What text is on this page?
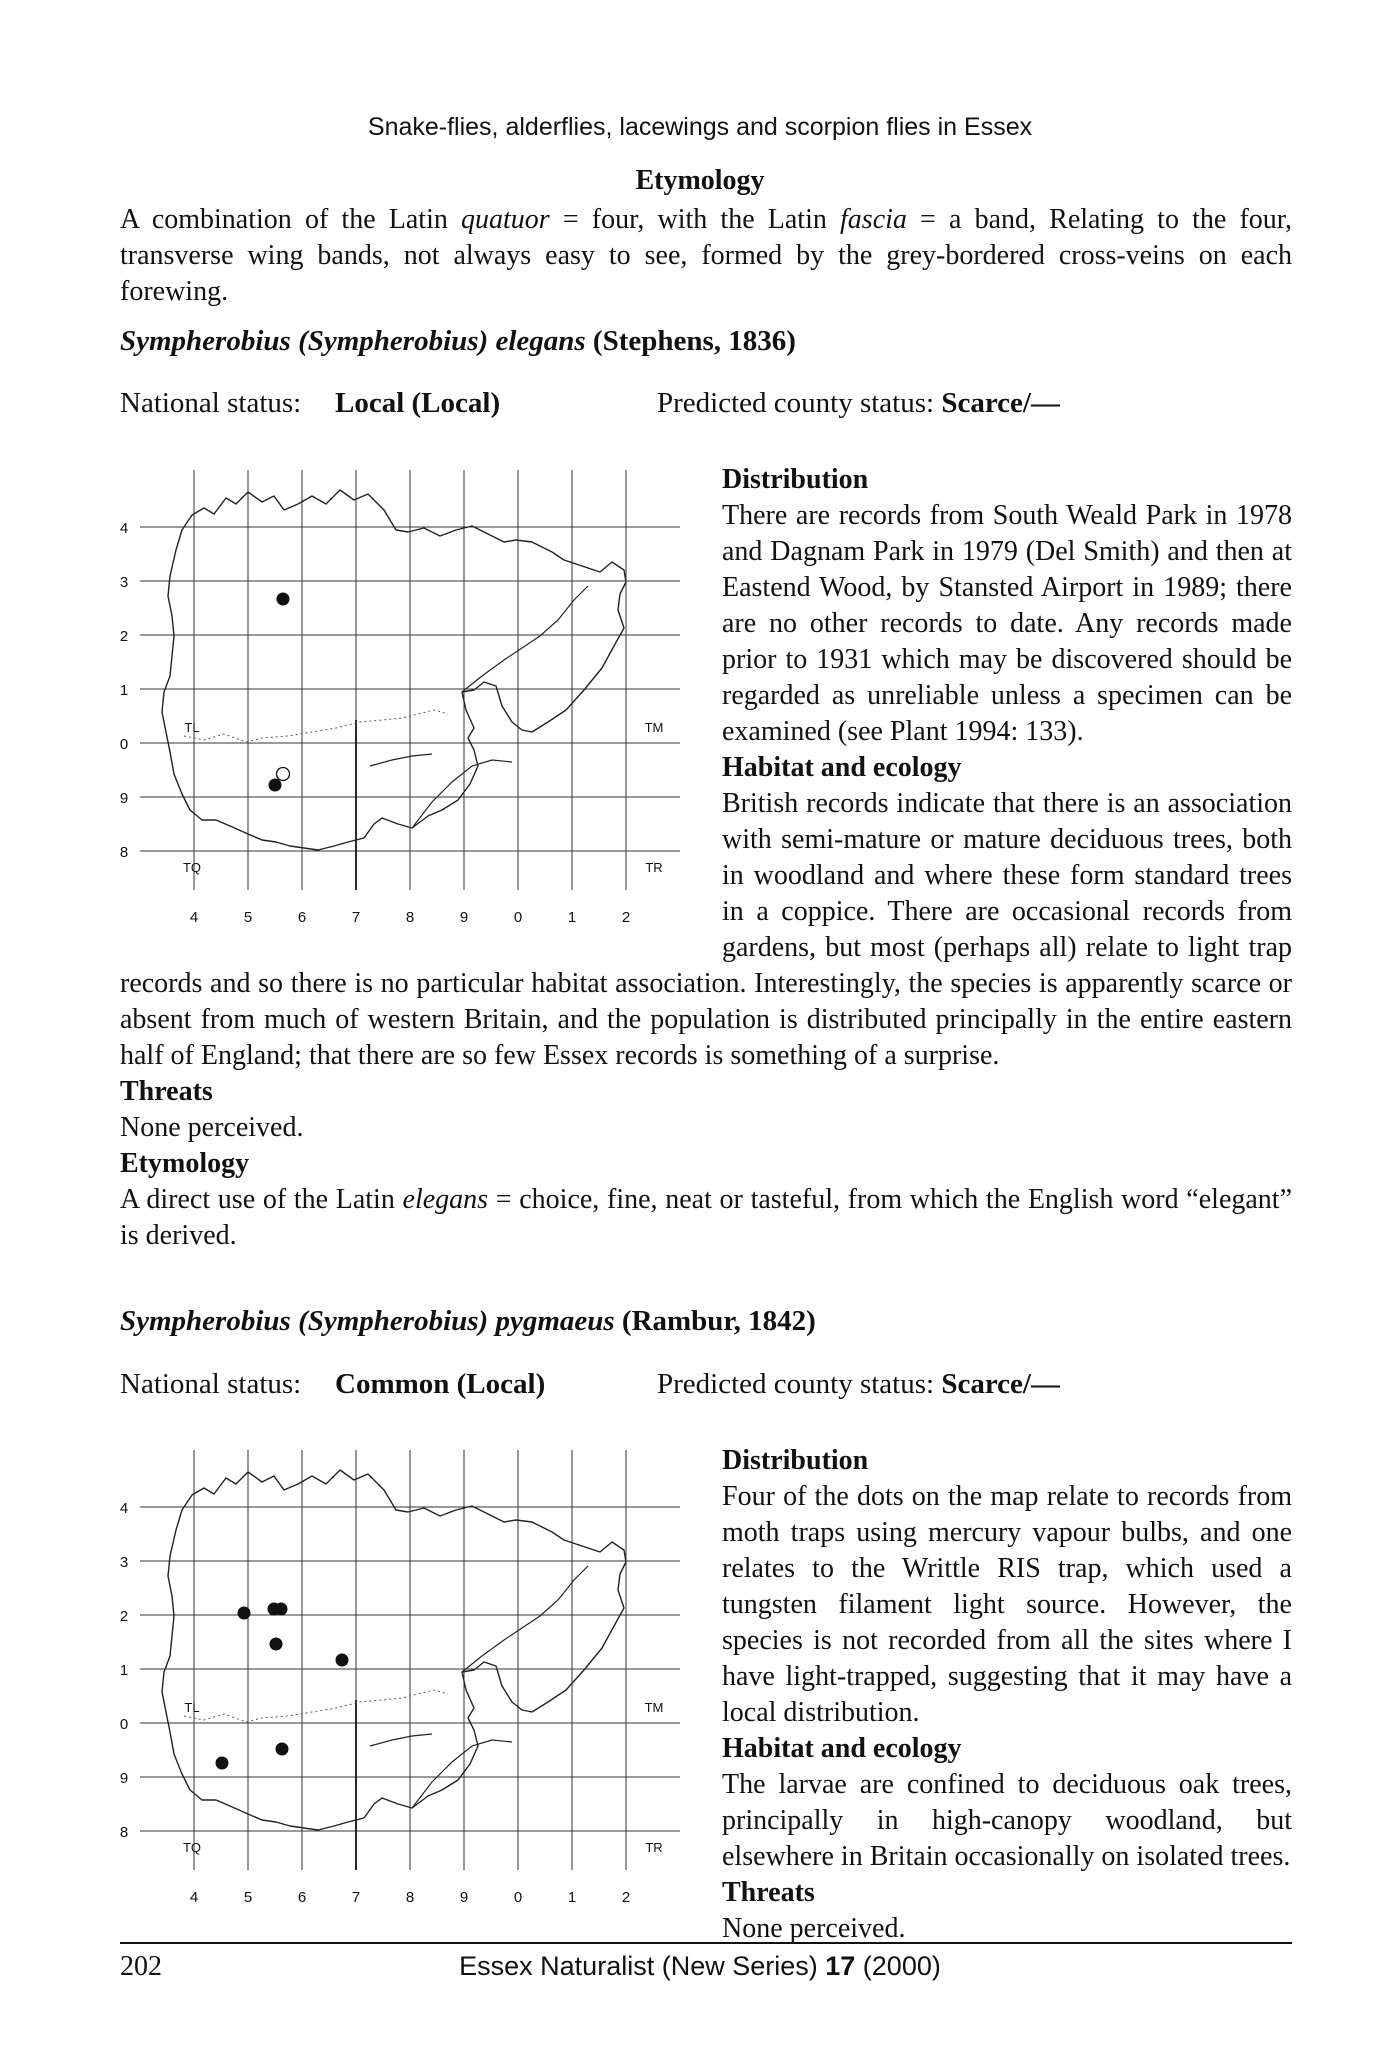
Snake-flies, alderflies, lacewings and scorpion flies in Essex
Etymology
A combination of the Latin quatuor = four, with the Latin fascia = a band, Relating to the four, transverse wing bands, not always easy to see, formed by the grey-bordered cross-veins on each forewing.
Sympherobius (Sympherobius) elegans (Stephens, 1836)
National status: Local (Local)	Predicted county status: Scarce/—
4
3
2
1
0
9
8
4	5	6	7	8	9	0	1	2
TL	TM
TQ	TR
Distribution
There are records from South Weald Park in 1978 and Dagnam Park in 1979 (Del Smith) and then at Eastend Wood, by Stansted Airport in 1989; there are no other records to date. Any records made prior to 1931 which may be discovered should be regarded as unreliable unless a specimen can be examined (see Plant 1994: 133).
Habitat and ecology
British records indicate that there is an association with semi-mature or mature deciduous trees, both in woodland and where these form standard trees in a coppice. There are occasional records from gardens, but most (perhaps all) relate to light trap
records and so there is no particular habitat association. Interestingly, the species is apparently scarce or absent from much of western Britain, and the population is distributed principally in the entire eastern half of England; that there are so few Essex records is something of a surprise.
Threats
None perceived.
Etymology
A direct use of the Latin elegans = choice, fine, neat or tasteful, from which the English word “elegant” is derived.
Sympherobius (Sympherobius) pygmaeus (Rambur, 1842)
National status: Common (Local)	Predicted county status: Scarce/—
4
3
2
1
0
9
8
4	5	6	7	8	9	0	1	2
TL	TM
TQ	TR
Distribution
Four of the dots on the map relate to records from moth traps using mercury vapour bulbs, and one relates to the Writtle RIS trap, which used a tungsten filament light source. However, the species is not recorded from all the sites where I have light-trapped, suggesting that it may have a local distribution.
Habitat and ecology
The larvae are confined to deciduous oak trees, principally in high-canopy woodland, but elsewhere in Britain occasionally on isolated trees.
Threats
None perceived.
202	Essex Naturalist (New Series) 17 (2000)
